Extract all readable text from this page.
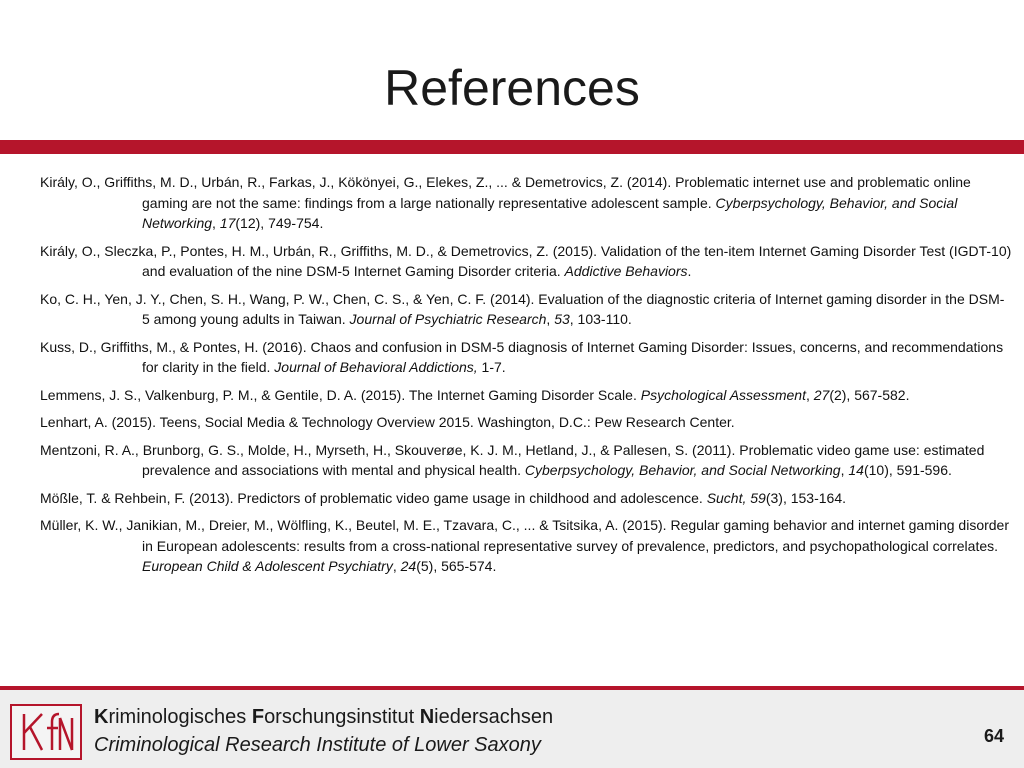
References

Király, O., Griffiths, M. D., Urbán, R., Farkas, J., Kökönyei, G., Elekes, Z., ... & Demetrovics, Z. (2014). Problematic internet use and problematic online gaming are not the same: findings from a large nationally representative adolescent sample. Cyberpsychology, Behavior, and Social Networking, 17(12), 749-754.

Király, O., Sleczka, P., Pontes, H. M., Urbán, R., Griffiths, M. D., & Demetrovics, Z. (2015). Validation of the ten-item Internet Gaming Disorder Test (IGDT-10) and evaluation of the nine DSM-5 Internet Gaming Disorder criteria. Addictive Behaviors.

Ko, C. H., Yen, J. Y., Chen, S. H., Wang, P. W., Chen, C. S., & Yen, C. F. (2014). Evaluation of the diagnostic criteria of Internet gaming disorder in the DSM-5 among young adults in Taiwan. Journal of Psychiatric Research, 53, 103-110.

Kuss, D., Griffiths, M., & Pontes, H. (2016). Chaos and confusion in DSM-5 diagnosis of Internet Gaming Disorder: Issues, concerns, and recommendations for clarity in the field. Journal of Behavioral Addictions, 1-7.

Lemmens, J. S., Valkenburg, P. M., & Gentile, D. A. (2015). The Internet Gaming Disorder Scale. Psychological Assessment, 27(2), 567-582.

Lenhart, A. (2015). Teens, Social Media & Technology Overview 2015. Washington, D.C.: Pew Research Center.

Mentzoni, R. A., Brunborg, G. S., Molde, H., Myrseth, H., Skouverøe, K. J. M., Hetland, J., & Pallesen, S. (2011). Problematic video game use: estimated prevalence and associations with mental and physical health. Cyberpsychology, Behavior, and Social Networking, 14(10), 591-596.

Mößle, T. & Rehbein, F. (2013). Predictors of problematic video game usage in childhood and adolescence. Sucht, 59(3), 153-164.

Müller, K. W., Janikian, M., Dreier, M., Wölfling, K., Beutel, M. E., Tzavara, C., ... & Tsitsika, A. (2015). Regular gaming behavior and internet gaming disorder in European adolescents: results from a cross-national representative survey of prevalence, predictors, and psychopathological correlates. European Child & Adolescent Psychiatry, 24(5), 565-574.

Kriminologisches Forschungsinstitut Niedersachsen
Criminological Research Institute of Lower Saxony	64
